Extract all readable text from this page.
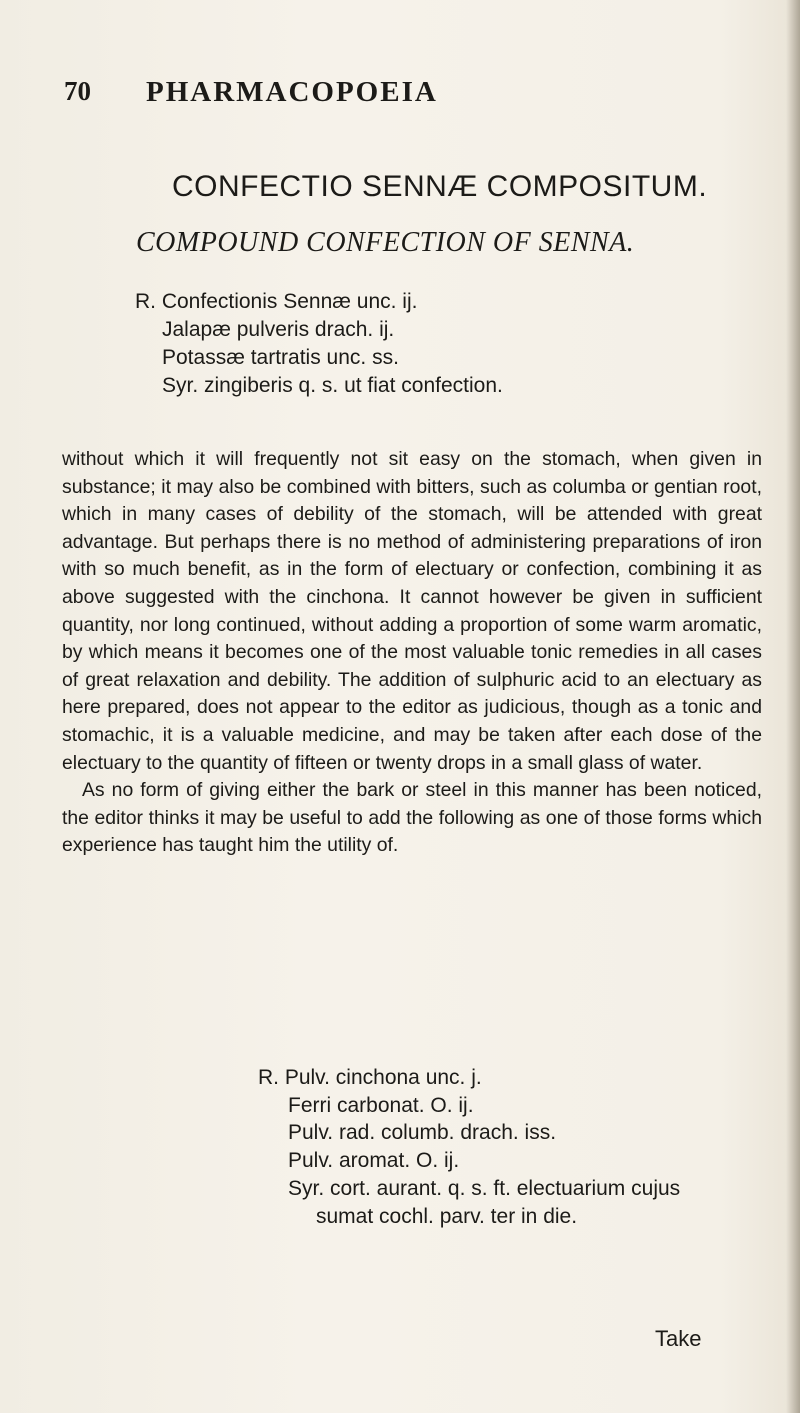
70 PHARMACOPOEIA
CONFECTIO SENNÆ COMPOSITUM.
COMPOUND CONFECTION OF SENNA.
R. Confectionis Sennæ unc. ij.
Jalapæ pulveris drach. ij.
Potassæ tartratis unc. ss.
Syr. zingiberis q. s. ut fiat confection.

without which it will frequently not sit easy on the stomach, when given in substance; it may also be combined with bitters, such as columba or gentian root, which in many cases of debility of the stomach, will be attended with great advantage. But perhaps there is no method of administering preparations of iron with so much benefit, as in the form of electuary or confection, combining it as above suggested with the cinchona. It cannot however be given in sufficient quantity, nor long continued, without adding a proportion of some warm aromatic, by which means it becomes one of the most valuable tonic remedies in all cases of great relaxation and debility. The addition of sulphuric acid to an electuary as here prepared, does not appear to the editor as judicious, though as a tonic and stomachic, it is a valuable medicine, and may be taken after each dose of the electuary to the quantity of fifteen or twenty drops in a small glass of water.

As no form of giving either the bark or steel in this manner has been noticed, the editor thinks it may be useful to add the following as one of those forms which experience has taught him the utility of.

R. Pulv. cinchona unc. j.
Ferri carbonat. O. ij.
Pulv. rad. columb. drach. iss.
Pulv. aromat. O. ij.
Syr. cort. aurant. q. s. ft. electuarium cujus
sumat cochl. parv. ter in die.
Take
